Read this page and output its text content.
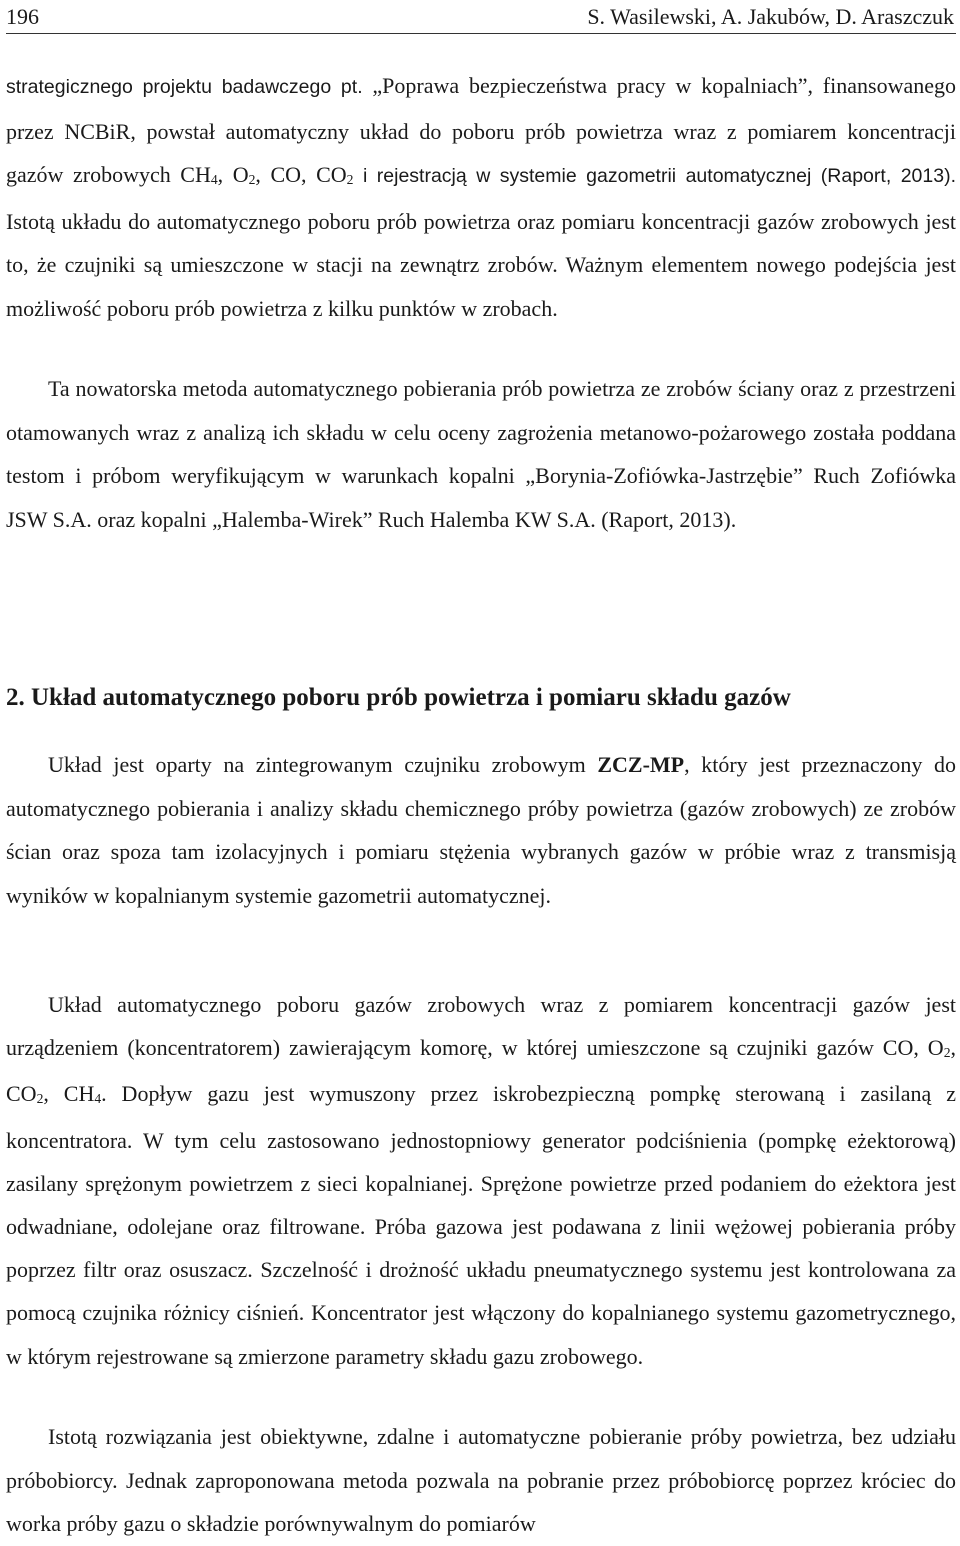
196	S. Wasilewski, A. Jakubów, D. Araszczuk

strategicznego projektu badawczego pt. „Poprawa bezpieczeństwa pracy w kopalniach”, finansowanego przez NCBiR, powstał automatyczny układ do poboru prób powietrza wraz z pomiarem koncentracji gazów zrobowych $CH_4$, $O_2$, CO, $CO_2$ i rejestracją w systemie gazometrii automatycznej (Raport, 2013). Istotą układu do automatycznego poboru prób powietrza oraz pomiaru koncentracji gazów zrobowych jest to, że czujniki są umieszczone w stacji na zewnątrz zrobów. Ważnym elementem nowego podejścia jest możliwość poboru prób powietrza z kilku punktów w zrobach.

Ta nowatorska metoda automatycznego pobierania prób powietrza ze zrobów ściany oraz z przestrzeni otamowanych wraz z analizą ich składu w celu oceny zagrożenia metanowo-pożarowego została poddana testom i próbom weryfikującym w warunkach kopalni „Borynia-Zofiówka-Jastrzębie” Ruch Zofiówka JSW S.A. oraz kopalni „Halemba-Wirek” Ruch Halemba KW S.A. (Raport, 2013).

2. Układ automatycznego poboru prób powietrza i pomiaru składu gazów

Układ jest oparty na zintegrowanym czujniku zrobowym ZCZ-MP, który jest przeznaczony do automatycznego pobierania i analizy składu chemicznego próby powietrza (gazów zrobowych) ze zrobów ścian oraz spoza tam izolacyjnych i pomiaru stężenia wybranych gazów w próbie wraz z transmisją wyników w kopalnianym systemie gazometrii automatycznej.

Układ automatycznego poboru gazów zrobowych wraz z pomiarem koncentracji gazów jest urządzeniem (koncentratorem) zawierającym komorę, w której umieszczone są czujniki gazów CO, $O_2$, $CO_2$, $CH_4$. Dopływ gazu jest wymuszony przez iskrobezpieczną pompkę sterowaną i zasilaną z koncentratora. W tym celu zastosowano jednostopniowy generator podciśnienia (pompkę eżektorową) zasilany sprężonym powietrzem z sieci kopalnianej. Sprężone powietrze przed podaniem do eżektora jest odwadniane, odolejane oraz filtrowane. Próba gazowa jest podawana z linii wężowej pobierania próby poprzez filtr oraz osuszacz. Szczelność i drożność układu pneumatycznego systemu jest kontrolowana za pomocą czujnika różnicy ciśnień. Koncentrator jest włączony do kopalnianego systemu gazometrycznego, w którym rejestrowane są zmierzone parametry składu gazu zrobowego.

Istotą rozwiązania jest obiektywne, zdalne i automatyczne pobieranie próby powietrza, bez udziału próbobiorcy. Jednak zaproponowana metoda pozwala na pobranie przez próbobiorcę poprzez króciec do worka próby gazu o składzie porównywalnym do pomiarów
